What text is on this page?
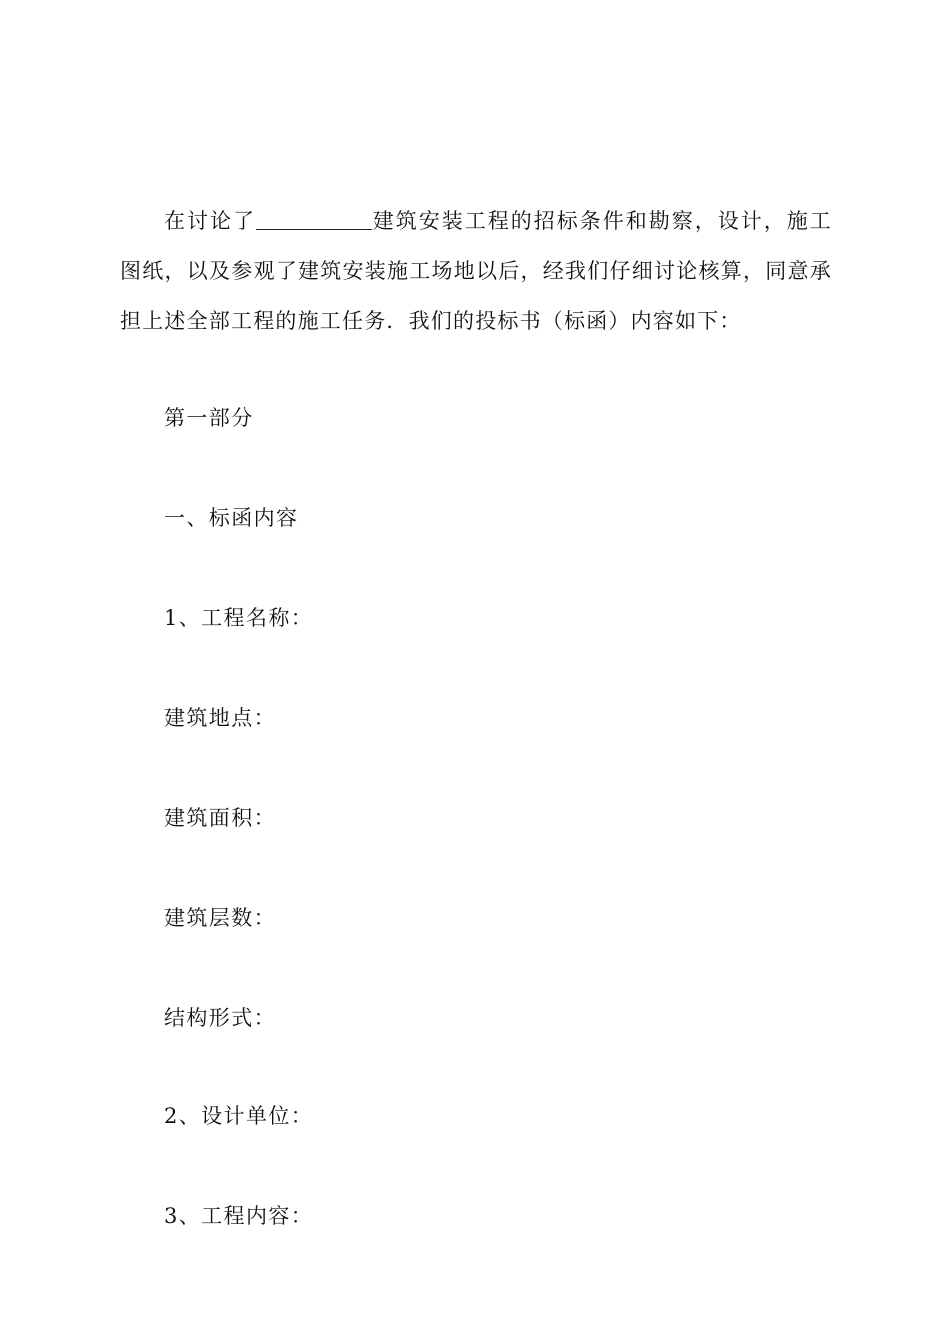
在讨论了	建筑安装工程的招标条件和勘察，设计，施工图纸，以及参观了建筑安装施工场地以后，经我们仔细讨论核算，同意承担上述全部工程的施工任务．我们的投标书（标函）内容如下：

第一部分

一、标函内容

1、工程名称：

建筑地点：

建筑面积：

建筑层数：

结构形式：

2、设计单位：

3、工程内容：
